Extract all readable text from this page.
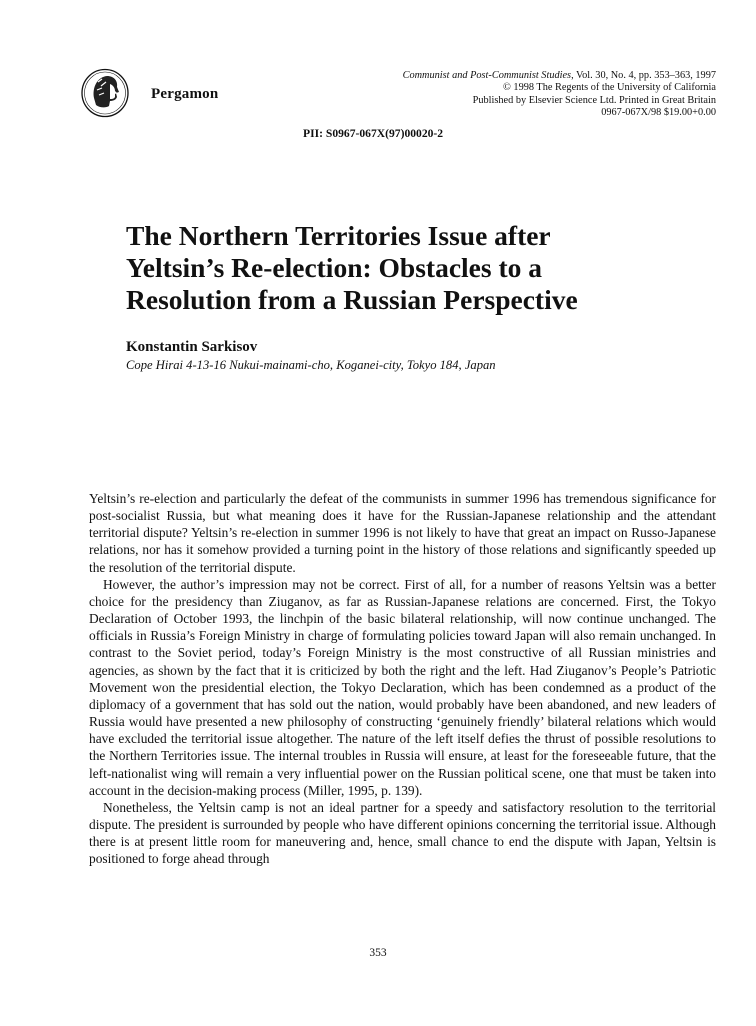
Pergamon
Communist and Post-Communist Studies, Vol. 30, No. 4, pp. 353–363, 1997
© 1998 The Regents of the University of California
Published by Elsevier Science Ltd. Printed in Great Britain
0967-067X/98 $19.00+0.00
PII: S0967-067X(97)00020-2
The Northern Territories Issue after
Yeltsin’s Re-election: Obstacles to a
Resolution from a Russian Perspective
Konstantin Sarkisov
Cope Hirai 4-13-16 Nukui-mainami-cho, Koganei-city, Tokyo 184, Japan

Yeltsin’s re-election and particularly the defeat of the communists in summer 1996 has tremendous significance for post-socialist Russia, but what meaning does it have for the Russian-Japanese relationship and the attendant territorial dispute? Yeltsin’s re-election in summer 1996 is not likely to have that great an impact on Russo-Japanese relations, nor has it somehow provided a turning point in the history of those relations and significantly speeded up the resolution of the territorial dispute.

However, the author’s impression may not be correct. First of all, for a number of reasons Yeltsin was a better choice for the presidency than Ziuganov, as far as Russian-Japanese relations are concerned. First, the Tokyo Declaration of October 1993, the linchpin of the basic bilateral relationship, will now continue unchanged. The officials in Russia’s Foreign Ministry in charge of formulating policies toward Japan will also remain unchanged. In contrast to the Soviet period, today’s Foreign Ministry is the most constructive of all Russian ministries and agencies, as shown by the fact that it is criticized by both the right and the left. Had Ziuganov’s People’s Patriotic Movement won the presidential election, the Tokyo Declaration, which has been condemned as a product of the diplomacy of a government that has sold out the nation, would probably have been abandoned, and new leaders of Russia would have presented a new philosophy of constructing ‘genuinely friendly’ bilateral relations which would have excluded the territorial issue altogether. The nature of the left itself defies the thrust of possible resolutions to the Northern Territories issue. The internal troubles in Russia will ensure, at least for the foreseeable future, that the left-nationalist wing will remain a very influential power on the Russian political scene, one that must be taken into account in the decision-making process (Miller, 1995, p. 139).

Nonetheless, the Yeltsin camp is not an ideal partner for a speedy and satisfactory resolution to the territorial dispute. The president is surrounded by people who have different opinions concerning the territorial issue. Although there is at present little room for maneuvering and, hence, small chance to end the dispute with Japan, Yeltsin is positioned to forge ahead through

353
